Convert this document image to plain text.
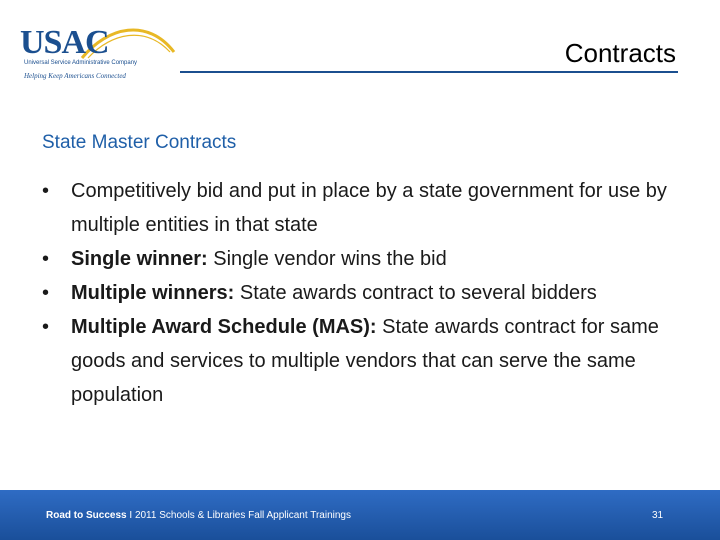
USAC
Universal Service Administrative Company
Helping Keep Americans Connected
Contracts
State Master Contracts
• Competitively bid and put in place by a state government for use by multiple entities in that state
• Single winner: Single vendor wins the bid
• Multiple winners: State awards contract to several bidders
• Multiple Award Schedule (MAS): State awards contract for same goods and services to multiple vendors that can serve the same population
Road to Success I 2011 Schools & Libraries Fall Applicant Trainings	31
